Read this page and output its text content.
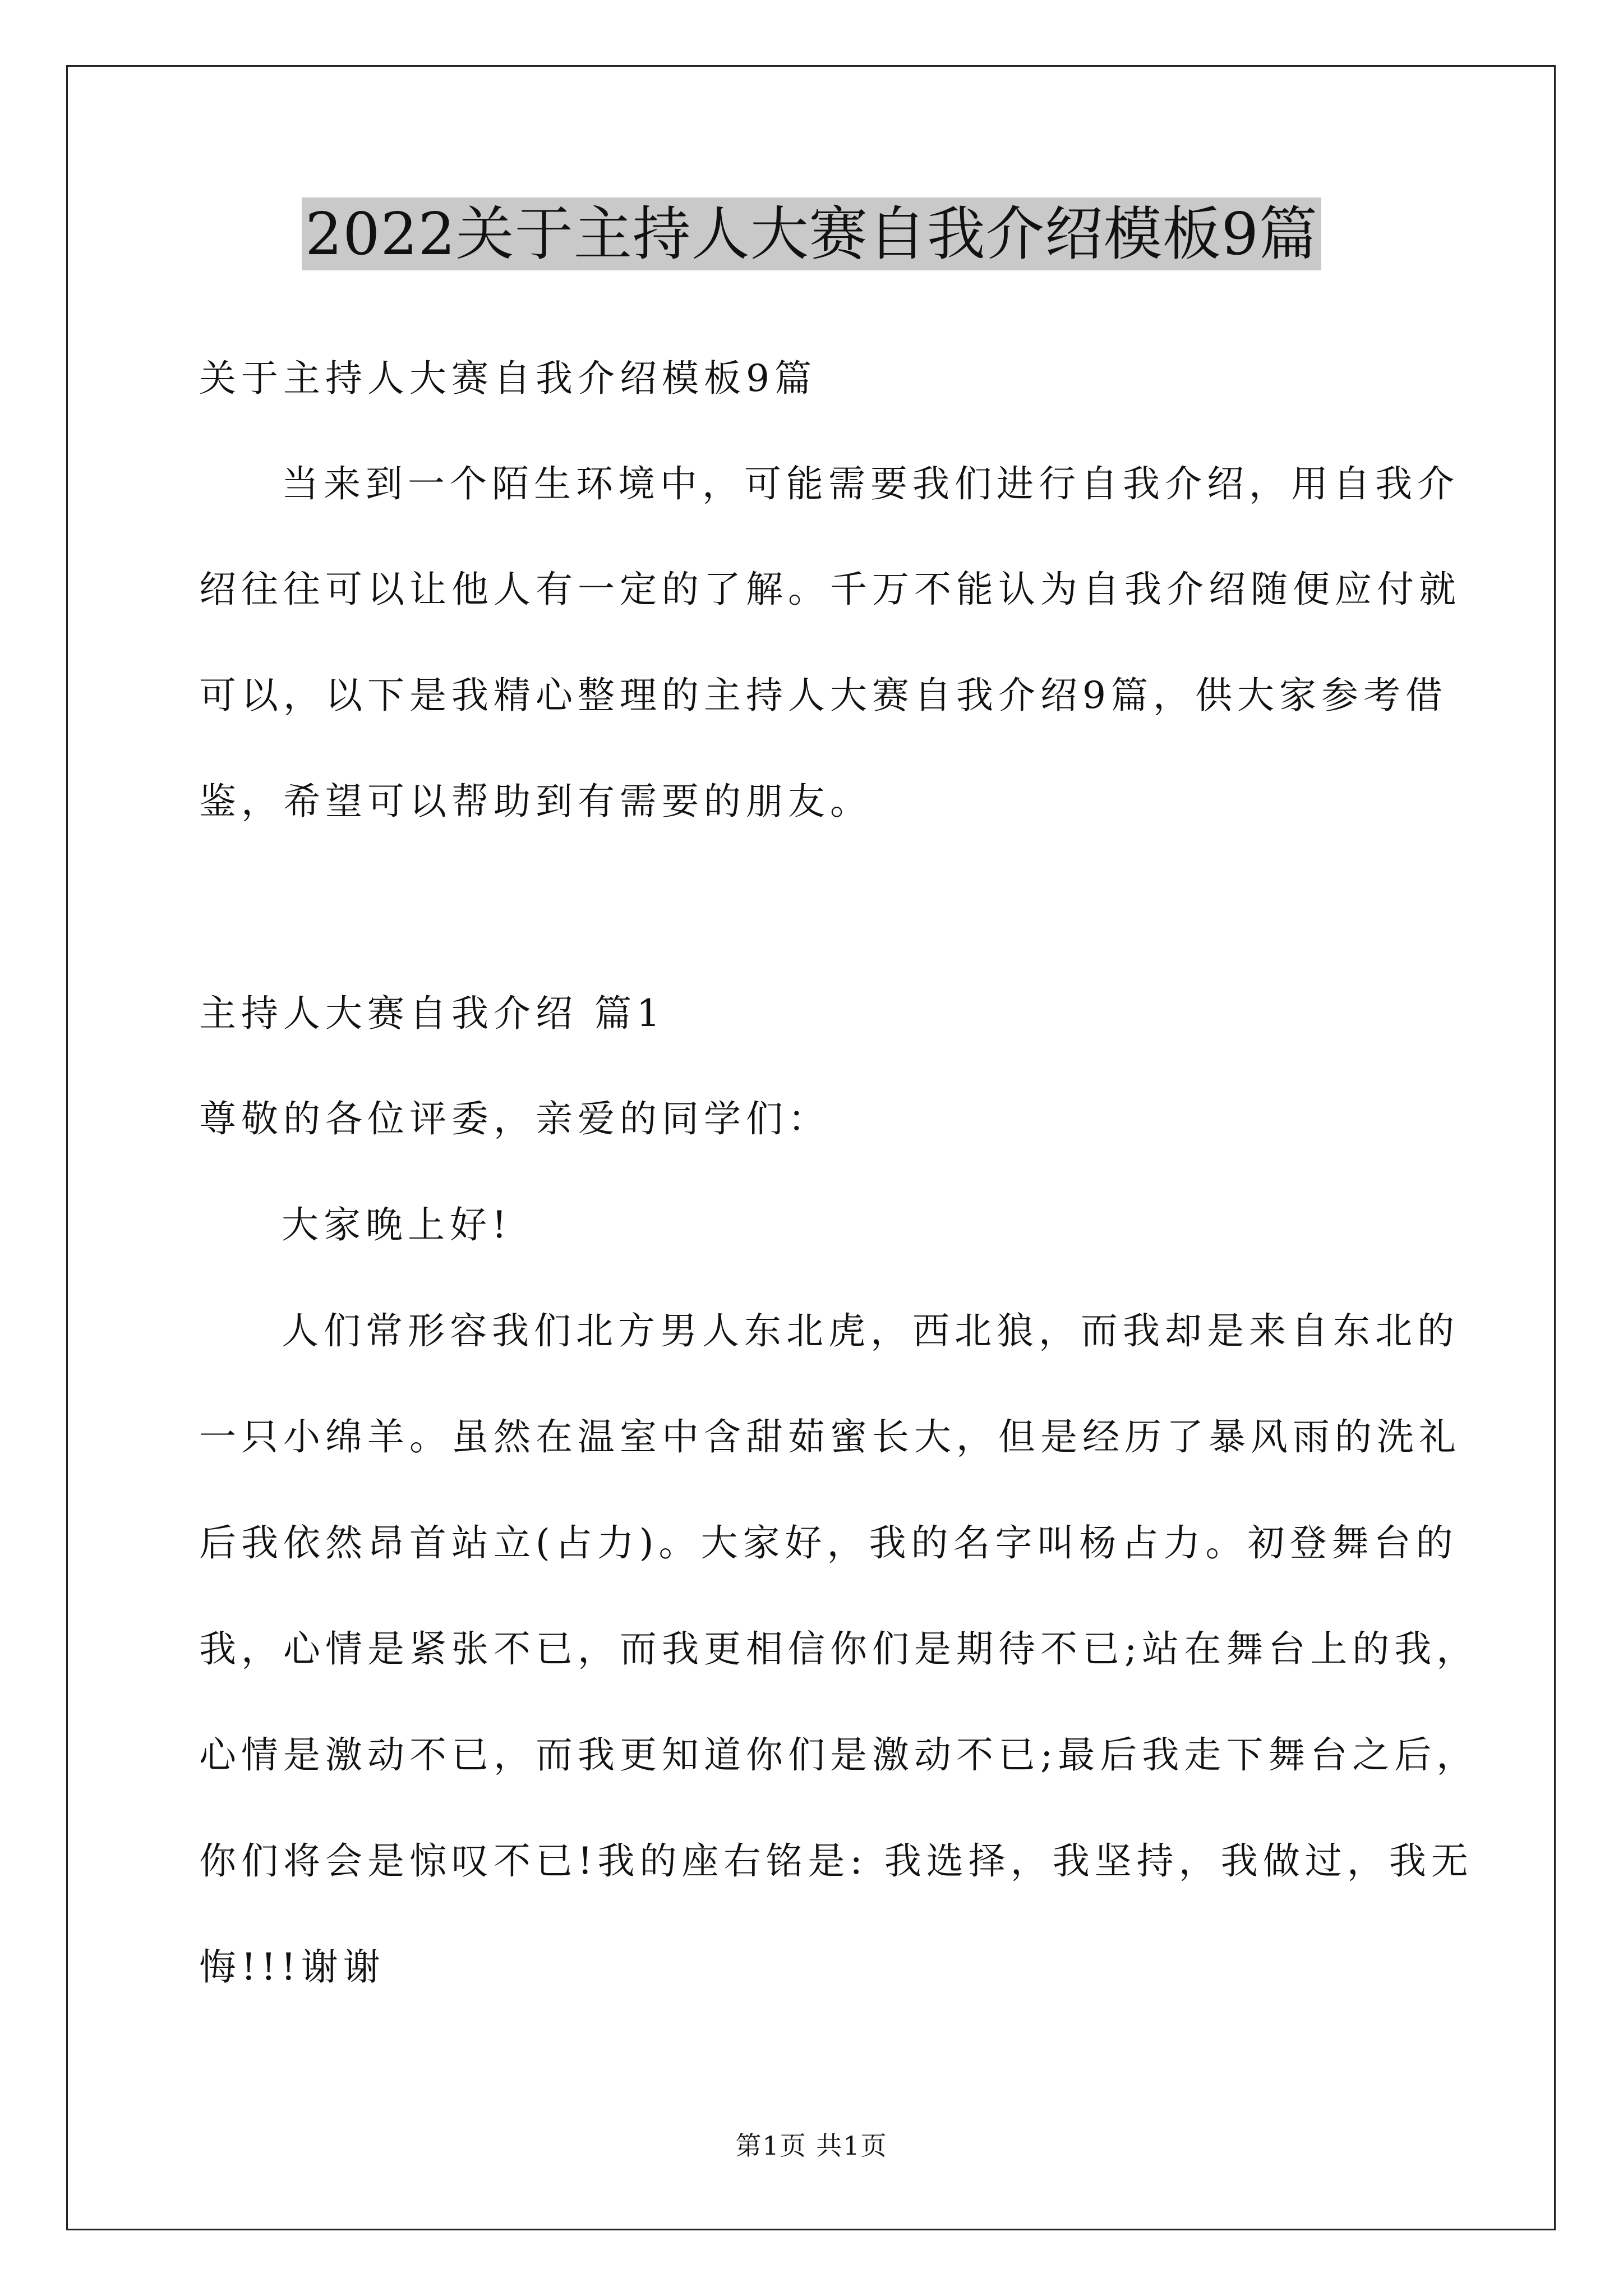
2022关于主持人大赛自我介绍模板9篇
关于主持人大赛自我介绍模板9篇
当来到一个陌生环境中，可能需要我们进行自我介绍，用自我介
绍往往可以让他人有一定的了解。千万不能认为自我介绍随便应付就
可以，以下是我精心整理的主持人大赛自我介绍9篇，供大家参考借
鉴，希望可以帮助到有需要的朋友。
主持人大赛自我介绍 篇1
尊敬的各位评委，亲爱的同学们：
大家晚上好!
人们常形容我们北方男人东北虎，西北狼，而我却是来自东北的
一只小绵羊。虽然在温室中含甜茹蜜长大，但是经历了暴风雨的洗礼
后我依然昂首站立(占力)。大家好，我的名字叫杨占力。初登舞台的
我，心情是紧张不已，而我更相信你们是期待不已;站在舞台上的我，
心情是激动不已，而我更知道你们是激动不已;最后我走下舞台之后，
你们将会是惊叹不已!我的座右铭是: 我选择，我坚持，我做过，我无
悔!!!谢谢
第1页 共1页
